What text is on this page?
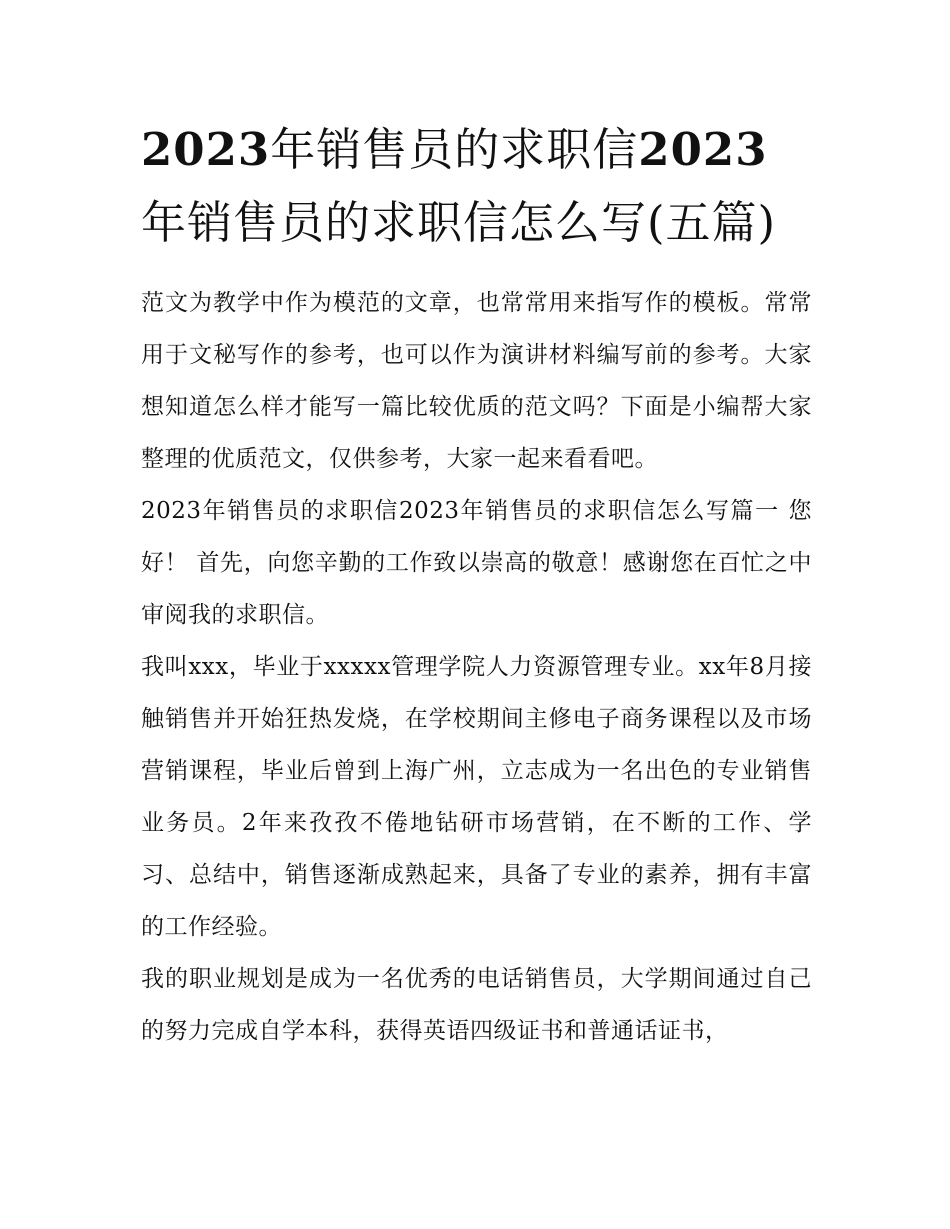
2023年销售员的求职信2023年销售员的求职信怎么写(五篇)

范文为教学中作为模范的文章，也常常用来指写作的模板。常常用于文秘写作的参考，也可以作为演讲材料编写前的参考。大家想知道怎么样才能写一篇比较优质的范文吗？下面是小编帮大家整理的优质范文，仅供参考，大家一起来看看吧。

2023年销售员的求职信2023年销售员的求职信怎么写篇一 您好！ 首先，向您辛勤的工作致以崇高的敬意！感谢您在百忙之中审阅我的求职信。

我叫xxx，毕业于xxxxx管理学院人力资源管理专业。xx年8月接触销售并开始狂热发烧，在学校期间主修电子商务课程以及市场营销课程，毕业后曾到上海广州，立志成为一名出色的专业销售业务员。2年来孜孜不倦地钻研市场营销，在不断的工作、学习、总结中，销售逐渐成熟起来，具备了专业的素养，拥有丰富的工作经验。

我的职业规划是成为一名优秀的电话销售员，大学期间通过自己的努力完成自学本科，获得英语四级证书和普通话证书，
